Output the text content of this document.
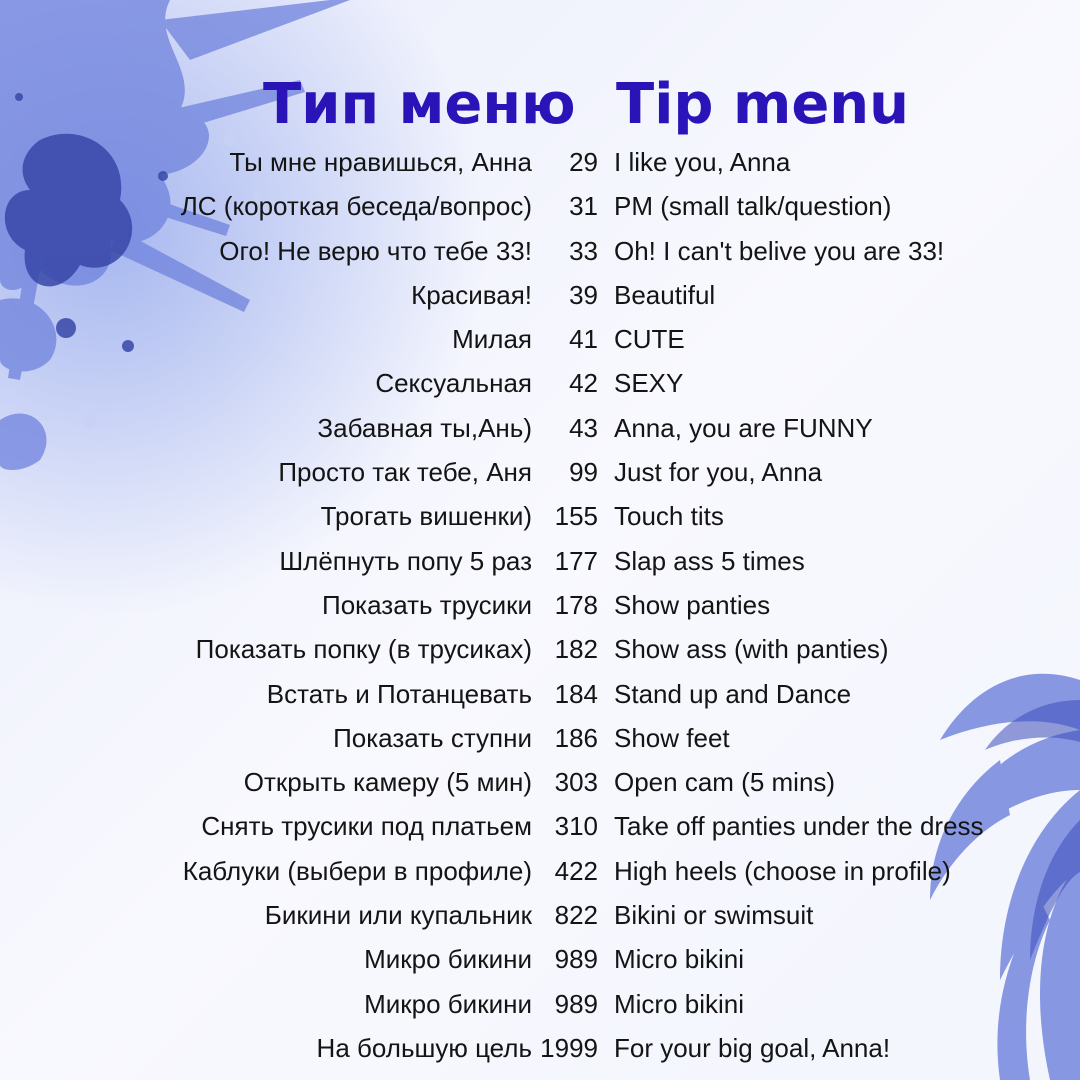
Тип меню Tip menu
Ты мне нравишься, Анна	29 I like you, Anna
ЛС (короткая беседа/вопрос)	31 PM (small talk/question)
Ого! Не верю что тебе 33!	33 Oh! I can't belive you are 33!
Красивая!	39 Beautiful
Милая	41 CUTE
Сексуальная	42 SEXY
Забавная ты,Ань)	43 Anna, you are FUNNY
Просто так тебе, Аня	99 Just for you, Anna
Трогать вишенки) 155 Touch tits
Шлёпнуть попу 5 раз 177 Slap ass 5 times
Показать трусики 178 Show panties
Показать попку (в трусиках) 182 Show ass (with panties)
Встать и Потанцевать 184 Stand up and Dance
Показать ступни 186 Show feet
Открыть камеру (5 мин) 303 Open cam (5 mins)
Снять трусики под платьем 310 Take off panties under the dress
Каблуки (выбери в профиле) 422 High heels (choose in profile)
Бикини или купальник 822 Bikini or swimsuit
Микро бикини 989 Micro bikini
Микро бикини 989 Micro bikini
На большую цель 1999 For your big goal, Anna!
